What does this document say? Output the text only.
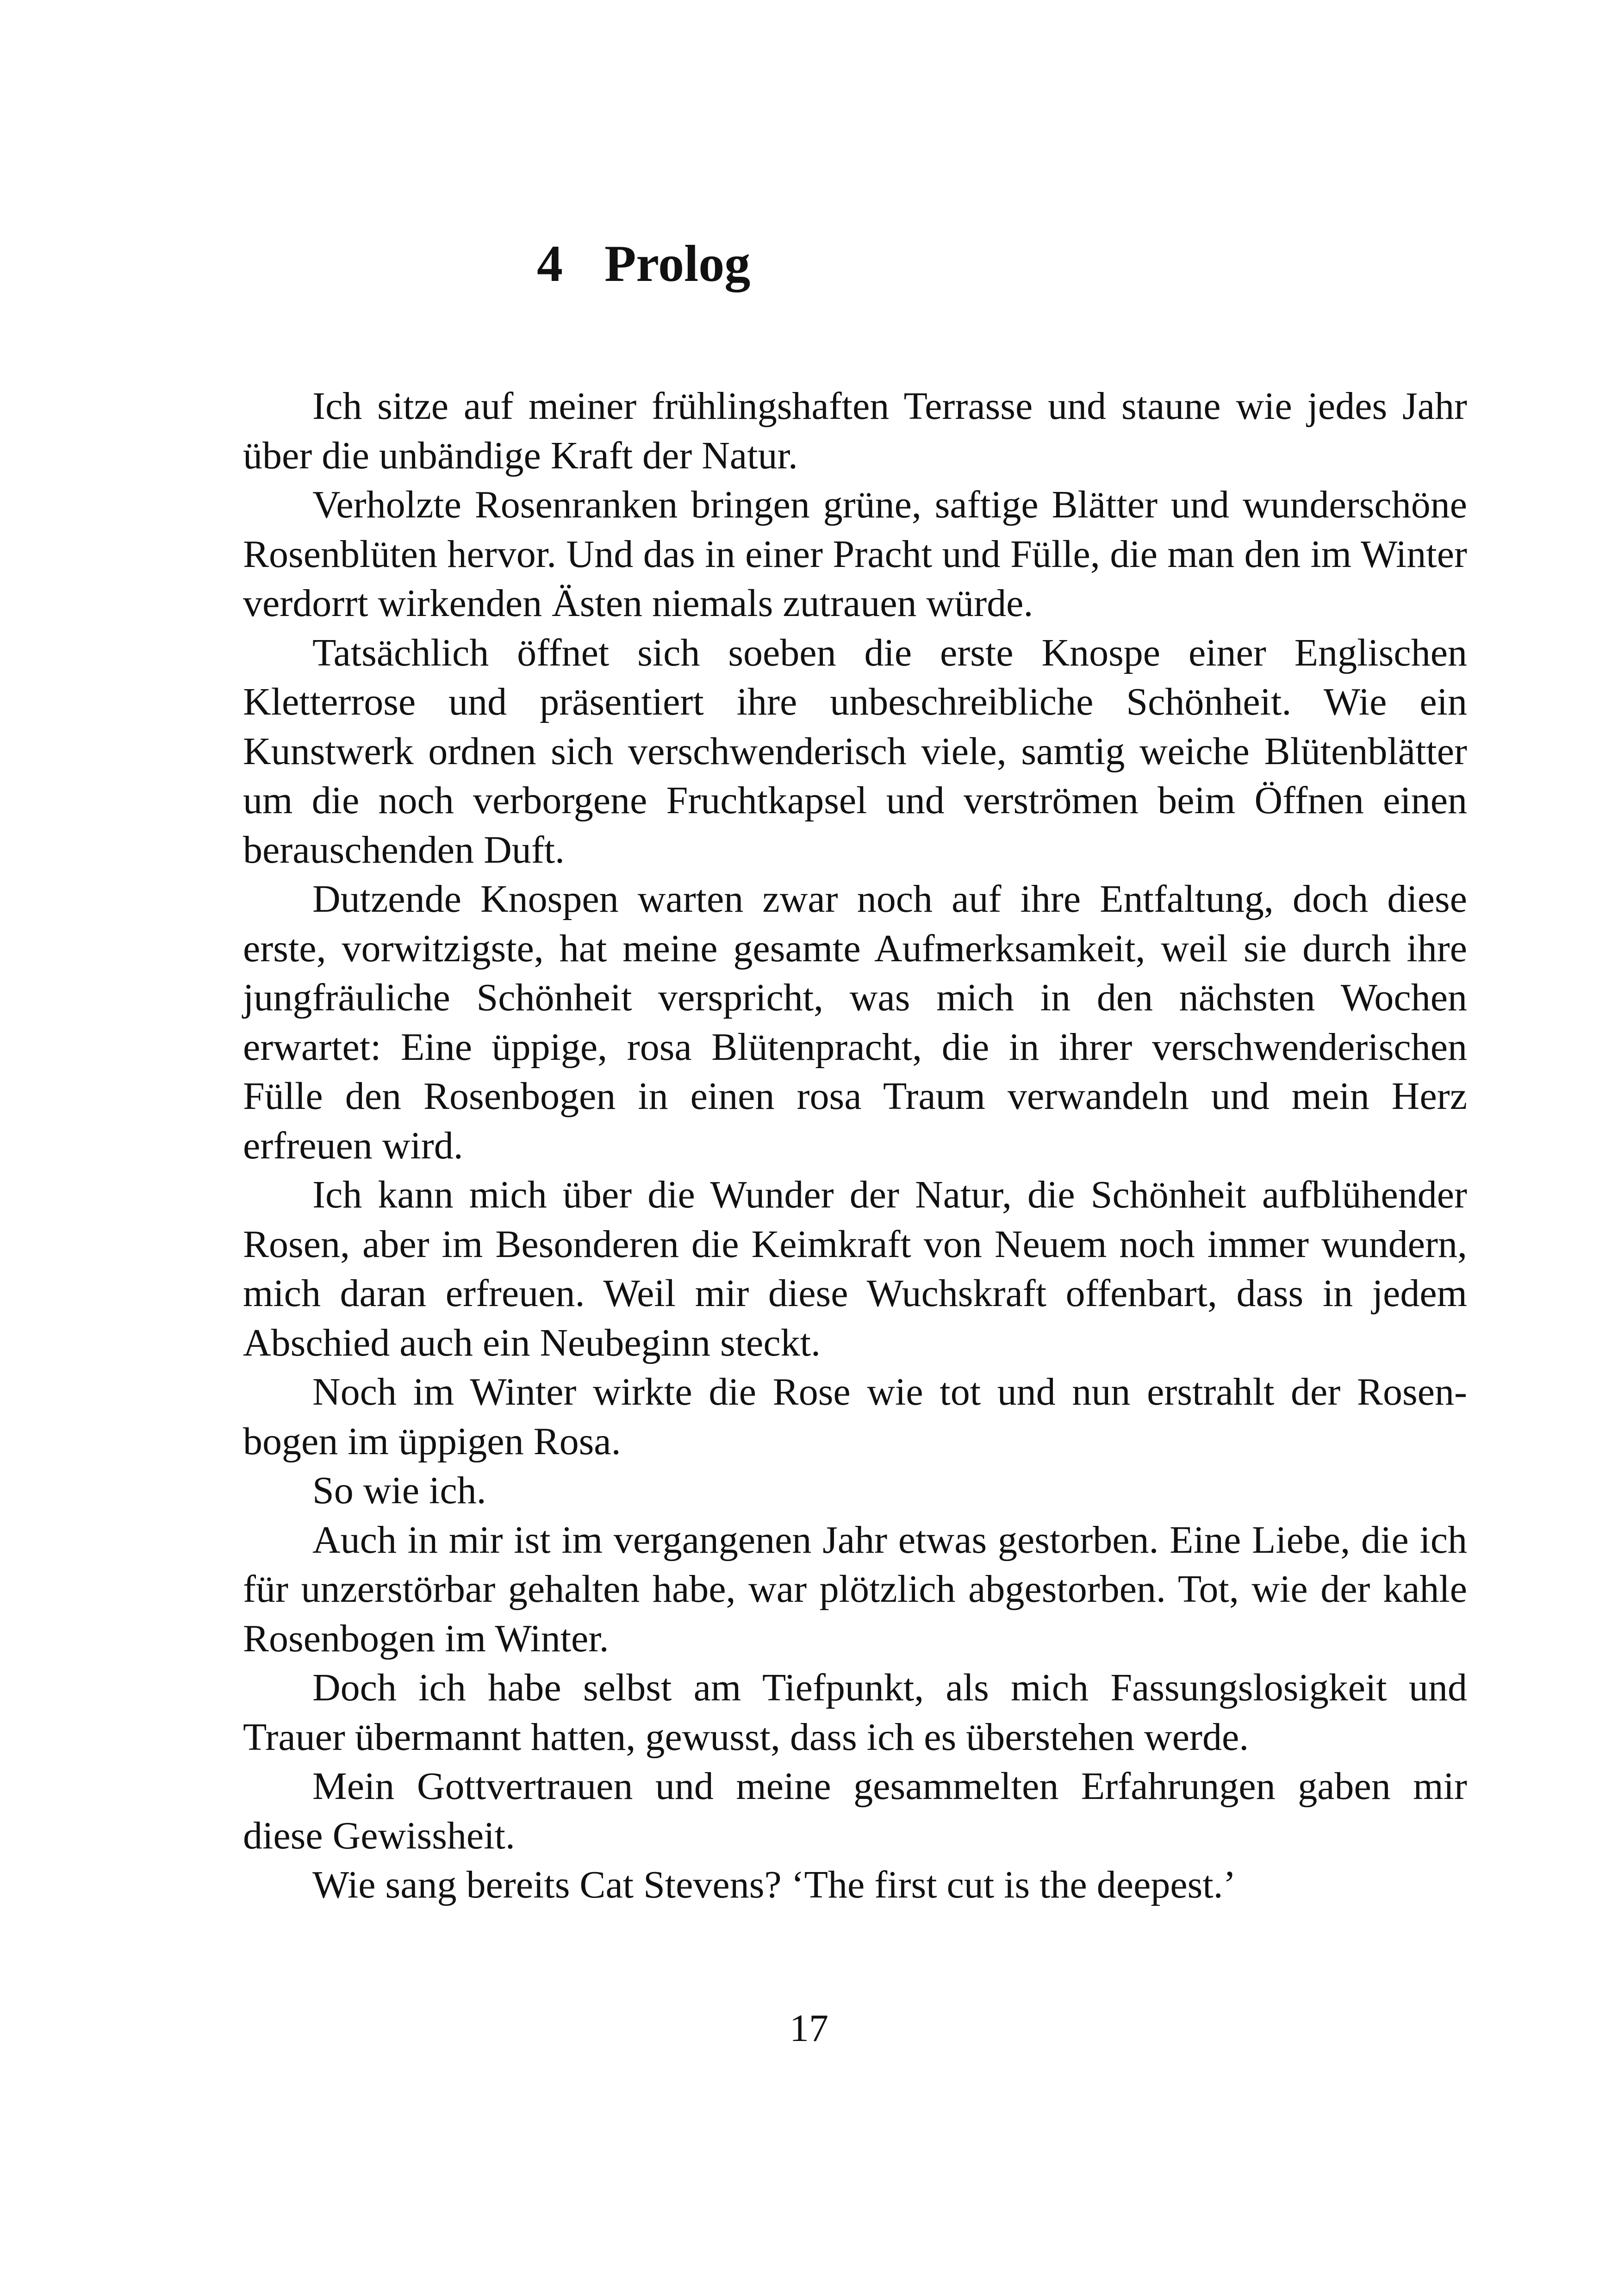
4 Prolog

Ich sitze auf meiner frühlingshaften Terrasse und staune wie jedes Jahr über die unbändige Kraft der Natur.

Verholzte Rosenranken bringen grüne, saftige Blätter und wunderschöne Rosenblüten hervor. Und das in einer Pracht und Fülle, die man den im Winter verdorrt wirkenden Ästen niemals zutrauen würde.

Tatsächlich öffnet sich soeben die erste Knospe einer Englischen Kletterrose und präsentiert ihre unbeschreibliche Schönheit. Wie ein Kunstwerk ordnen sich verschwenderisch viele, samtig weiche Blütenblätter um die noch verborgene Fruchtkapsel und verströmen beim Öffnen einen berauschenden Duft.

Dutzende Knospen warten zwar noch auf ihre Entfaltung, doch diese erste, vorwitzigste, hat meine gesamte Aufmerksamkeit, weil sie durch ihre jungfräuliche Schönheit verspricht, was mich in den nächsten Wochen erwartet: Eine üppige, rosa Blütenpracht, die in ihrer verschwenderischen Fülle den Rosenbogen in einen rosa Traum verwandeln und mein Herz erfreuen wird.

Ich kann mich über die Wunder der Natur, die Schönheit aufblühender Rosen, aber im Besonderen die Keimkraft von Neuem noch immer wundern, mich daran erfreuen. Weil mir diese Wuchskraft offenbart, dass in jedem Abschied auch ein Neubeginn steckt.

Noch im Winter wirkte die Rose wie tot und nun erstrahlt der Rosenbogen im üppigen Rosa.

So wie ich.

Auch in mir ist im vergangenen Jahr etwas gestorben. Eine Liebe, die ich für unzerstörbar gehalten habe, war plötzlich abgestorben. Tot, wie der kahle Rosenbogen im Winter.

Doch ich habe selbst am Tiefpunkt, als mich Fassungslosigkeit und Trauer übermannt hatten, gewusst, dass ich es überstehen werde.

Mein Gottvertrauen und meine gesammelten Erfahrungen gaben mir diese Gewissheit.

Wie sang bereits Cat Stevens? ‘The first cut is the deepest.’

17
